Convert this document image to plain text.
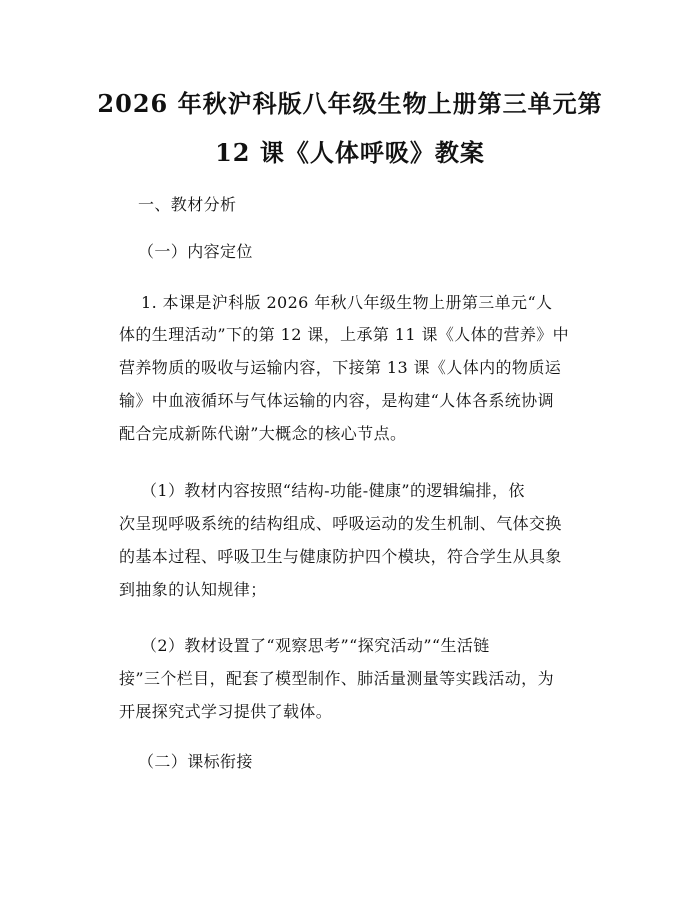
2026 年秋沪科版八年级生物上册第三单元第
12 课《人体呼吸》教案
一、教材分析
（一）内容定位
1. 本课是沪科版 2026 年秋八年级生物上册第三单元“人
体的生理活动”下的第 12 课，上承第 11 课《人体的营养》中
营养物质的吸收与运输内容，下接第 13 课《人体内的物质运
输》中血液循环与气体运输的内容，是构建“人体各系统协调
配合完成新陈代谢”大概念的核心节点。
（1）教材内容按照“结构-功能-健康”的逻辑编排，依
次呈现呼吸系统的结构组成、呼吸运动的发生机制、气体交换
的基本过程、呼吸卫生与健康防护四个模块，符合学生从具象
到抽象的认知规律；
（2）教材设置了“观察思考”“探究活动”“生活链
接”三个栏目，配套了模型制作、肺活量测量等实践活动，为
开展探究式学习提供了载体。
（二）课标衔接
